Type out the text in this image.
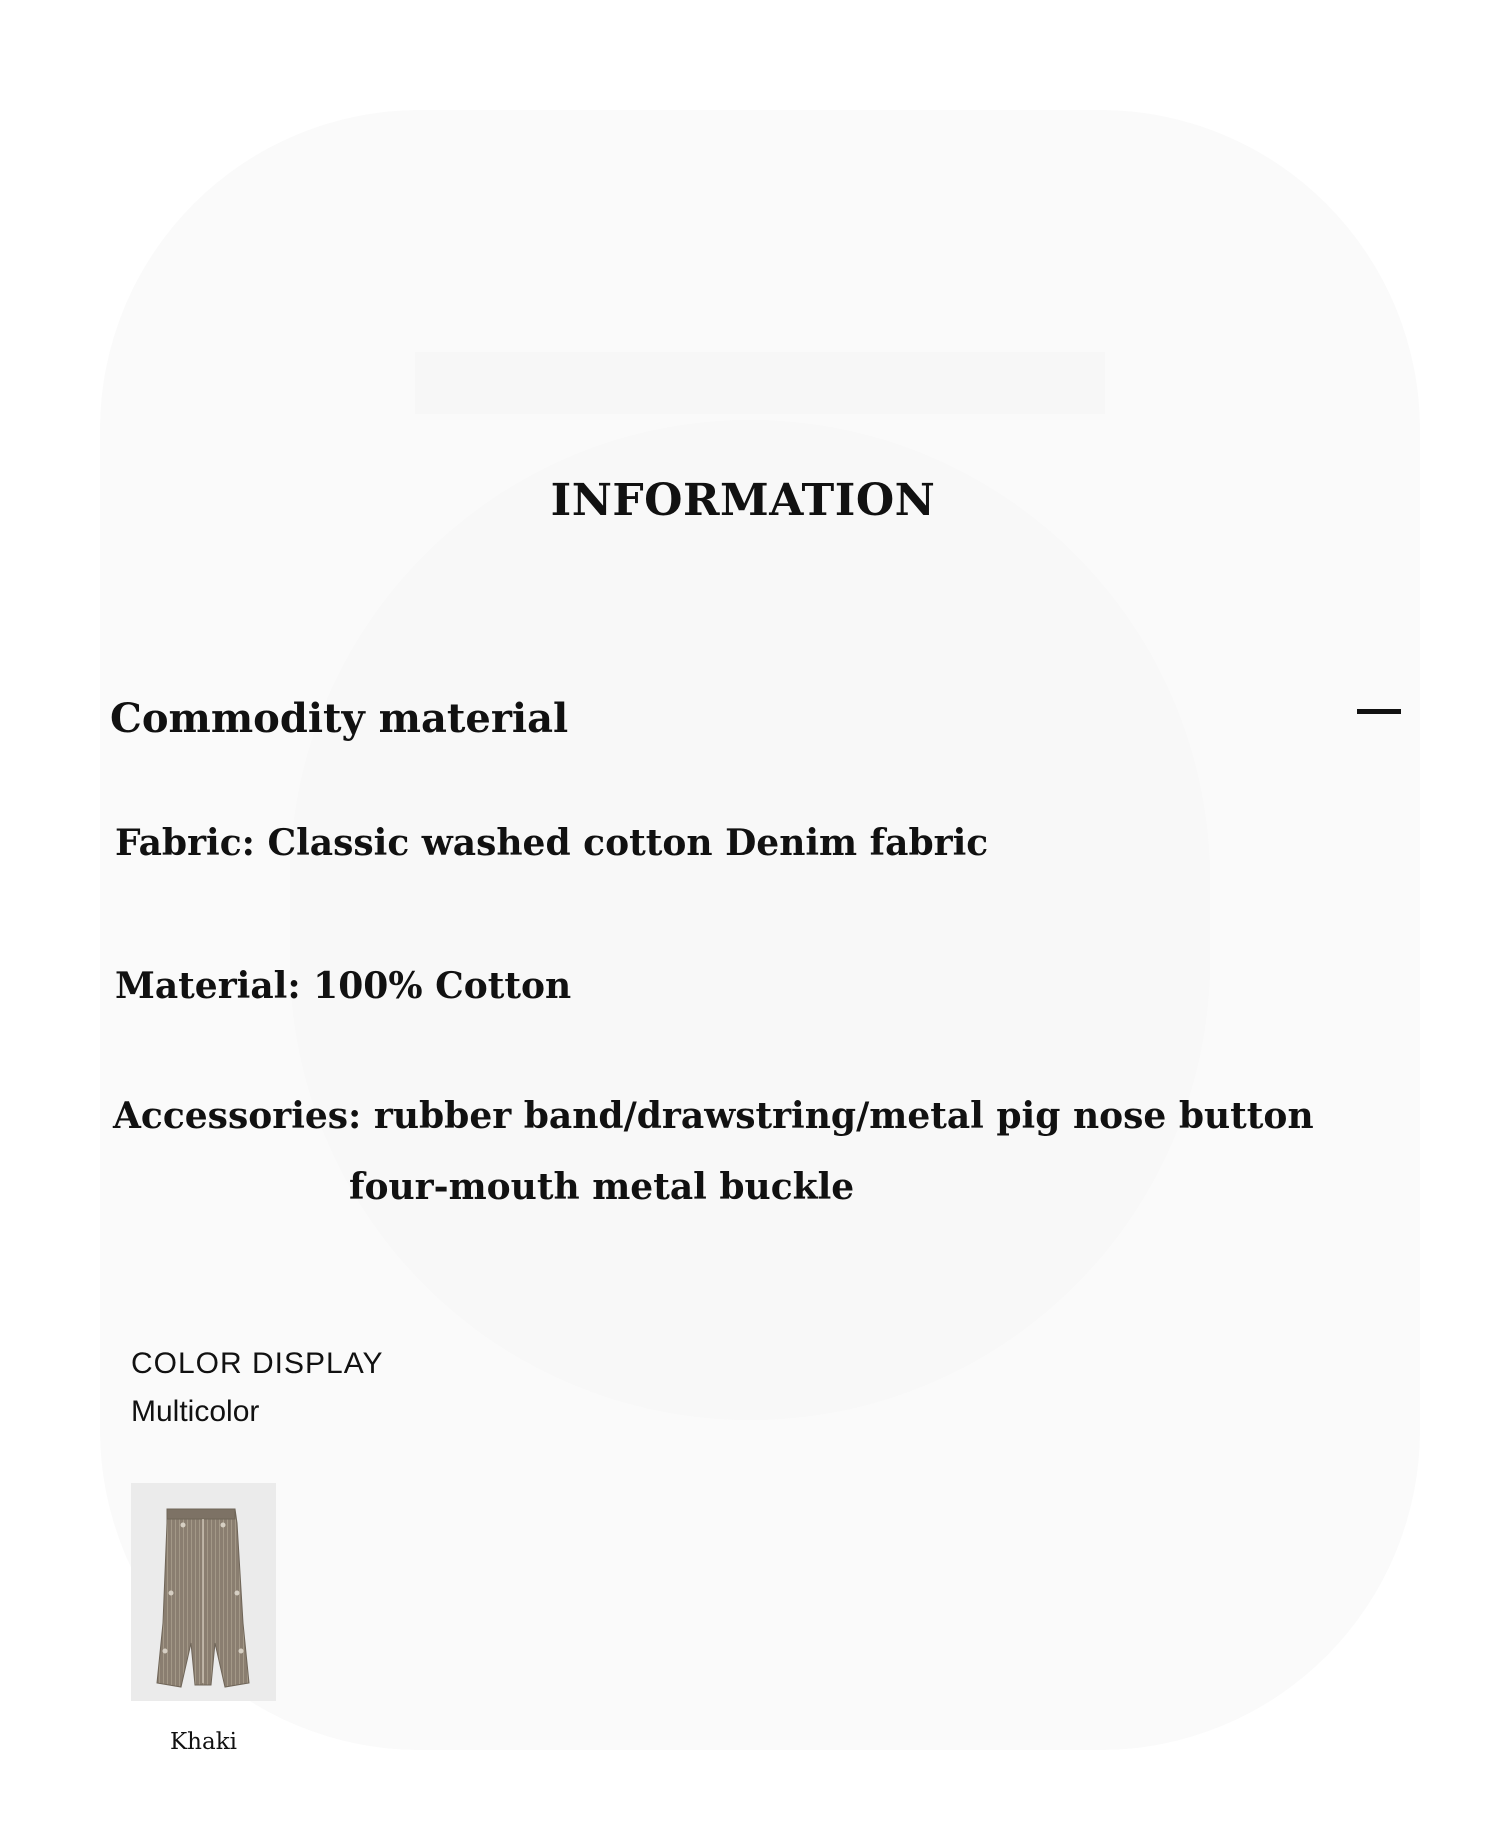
INFORMATION
Commodity material
Fabric: Classic washed cotton Denim fabric
Material: 100% Cotton
Accessories: rubber band/drawstring/metal pig nose button
four-mouth metal buckle
COLOR DISPLAY
Multicolor
Khaki
